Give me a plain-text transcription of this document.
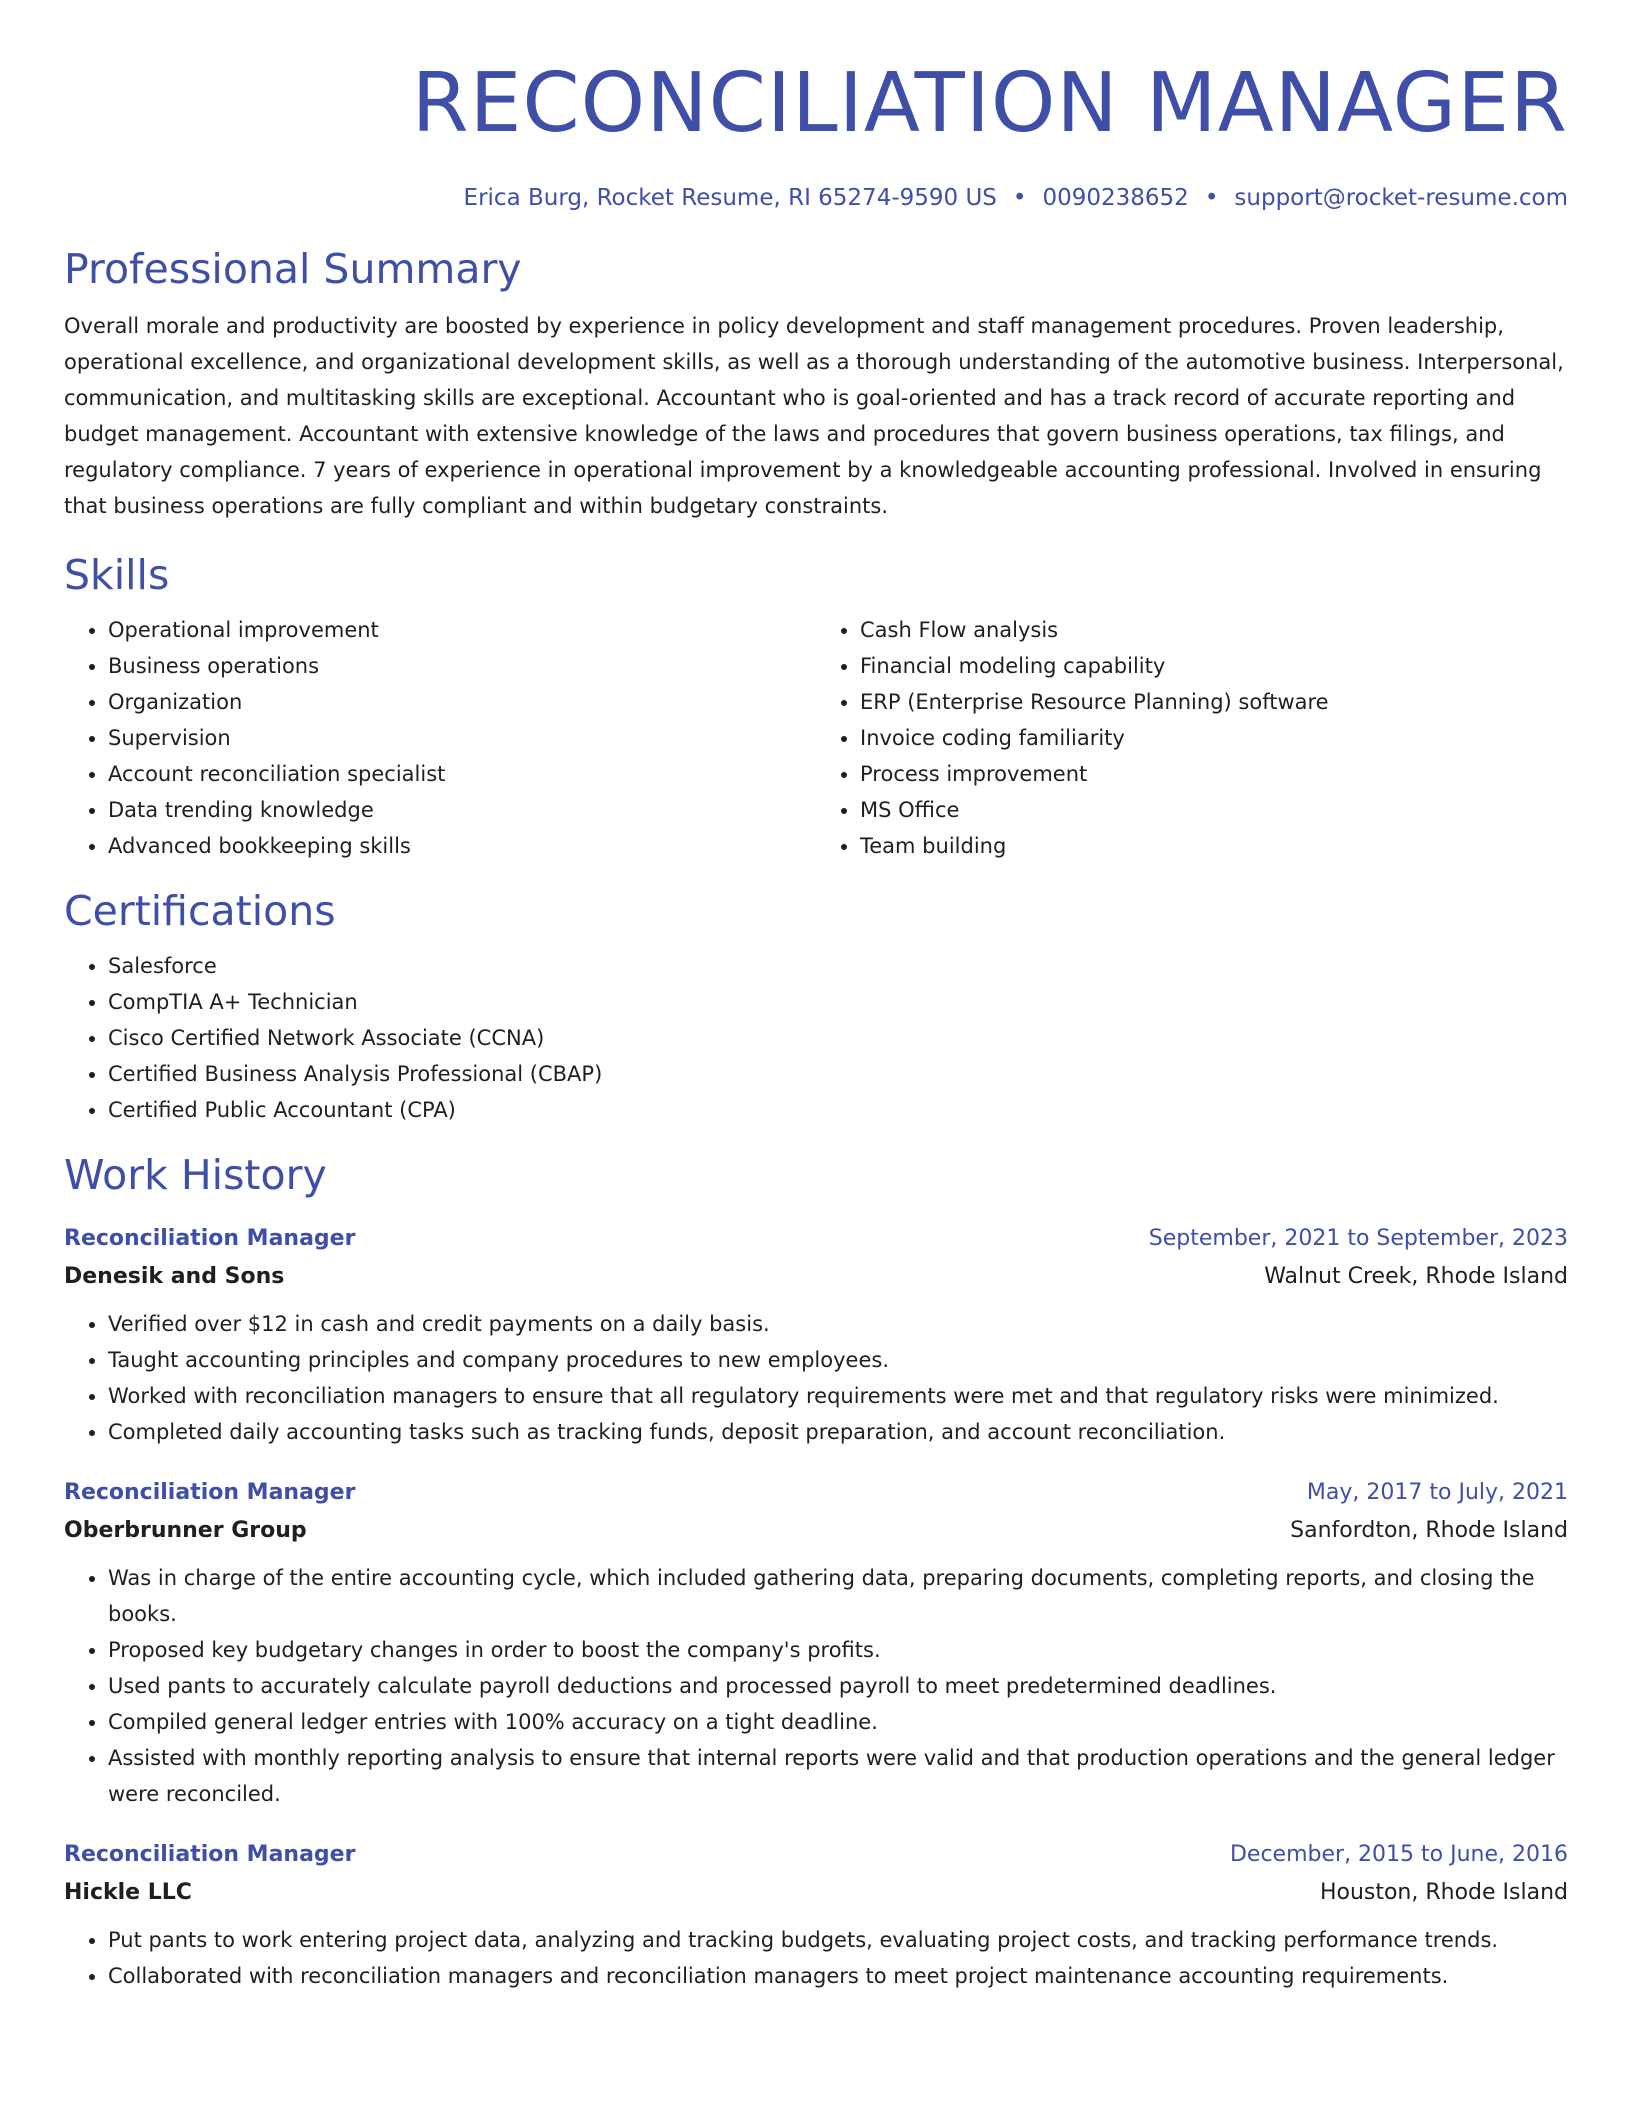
RECONCILIATION MANAGER
Erica Burg, Rocket Resume, RI 65274-9590 US • 0090238652 • support@rocket-resume.com
Professional Summary

Overall morale and productivity are boosted by experience in policy development and staff management procedures. Proven leadership, operational excellence, and organizational development skills, as well as a thorough understanding of the automotive business. Interpersonal, communication, and multitasking skills are exceptional. Accountant who is goal-oriented and has a track record of accurate reporting and budget management. Accountant with extensive knowledge of the laws and procedures that govern business operations, tax filings, and regulatory compliance. 7 years of experience in operational improvement by a knowledgeable accounting professional. Involved in ensuring that business operations are fully compliant and within budgetary constraints.

Skills
• Operational improvement
• Business operations
• Organization
• Supervision
• Account reconciliation specialist
• Data trending knowledge
• Advanced bookkeeping skills
• Cash Flow analysis
• Financial modeling capability
• ERP (Enterprise Resource Planning) software
• Invoice coding familiarity
• Process improvement
• MS Office
• Team building
Certifications
• Salesforce
• CompTIA A+ Technician
• Cisco Certified Network Associate (CCNA)
• Certified Business Analysis Professional (CBAP)
• Certified Public Accountant (CPA)
Work History
Reconciliation Manager	September, 2021 to September, 2023
Denesik and Sons	Walnut Creek, Rhode Island
• Verified over $12 in cash and credit payments on a daily basis.
• Taught accounting principles and company procedures to new employees.
• Worked with reconciliation managers to ensure that all regulatory requirements were met and that regulatory risks were minimized.
• Completed daily accounting tasks such as tracking funds, deposit preparation, and account reconciliation.
Reconciliation Manager	May, 2017 to July, 2021
Oberbrunner Group	Sanfordton, Rhode Island
• Was in charge of the entire accounting cycle, which included gathering data, preparing documents, completing reports, and closing the books.
• Proposed key budgetary changes in order to boost the company's profits.
• Used pants to accurately calculate payroll deductions and processed payroll to meet predetermined deadlines.
• Compiled general ledger entries with 100% accuracy on a tight deadline.
• Assisted with monthly reporting analysis to ensure that internal reports were valid and that production operations and the general ledger were reconciled.
Reconciliation Manager	December, 2015 to June, 2016
Hickle LLC	Houston, Rhode Island
• Put pants to work entering project data, analyzing and tracking budgets, evaluating project costs, and tracking performance trends.
• Collaborated with reconciliation managers and reconciliation managers to meet project maintenance accounting requirements.
